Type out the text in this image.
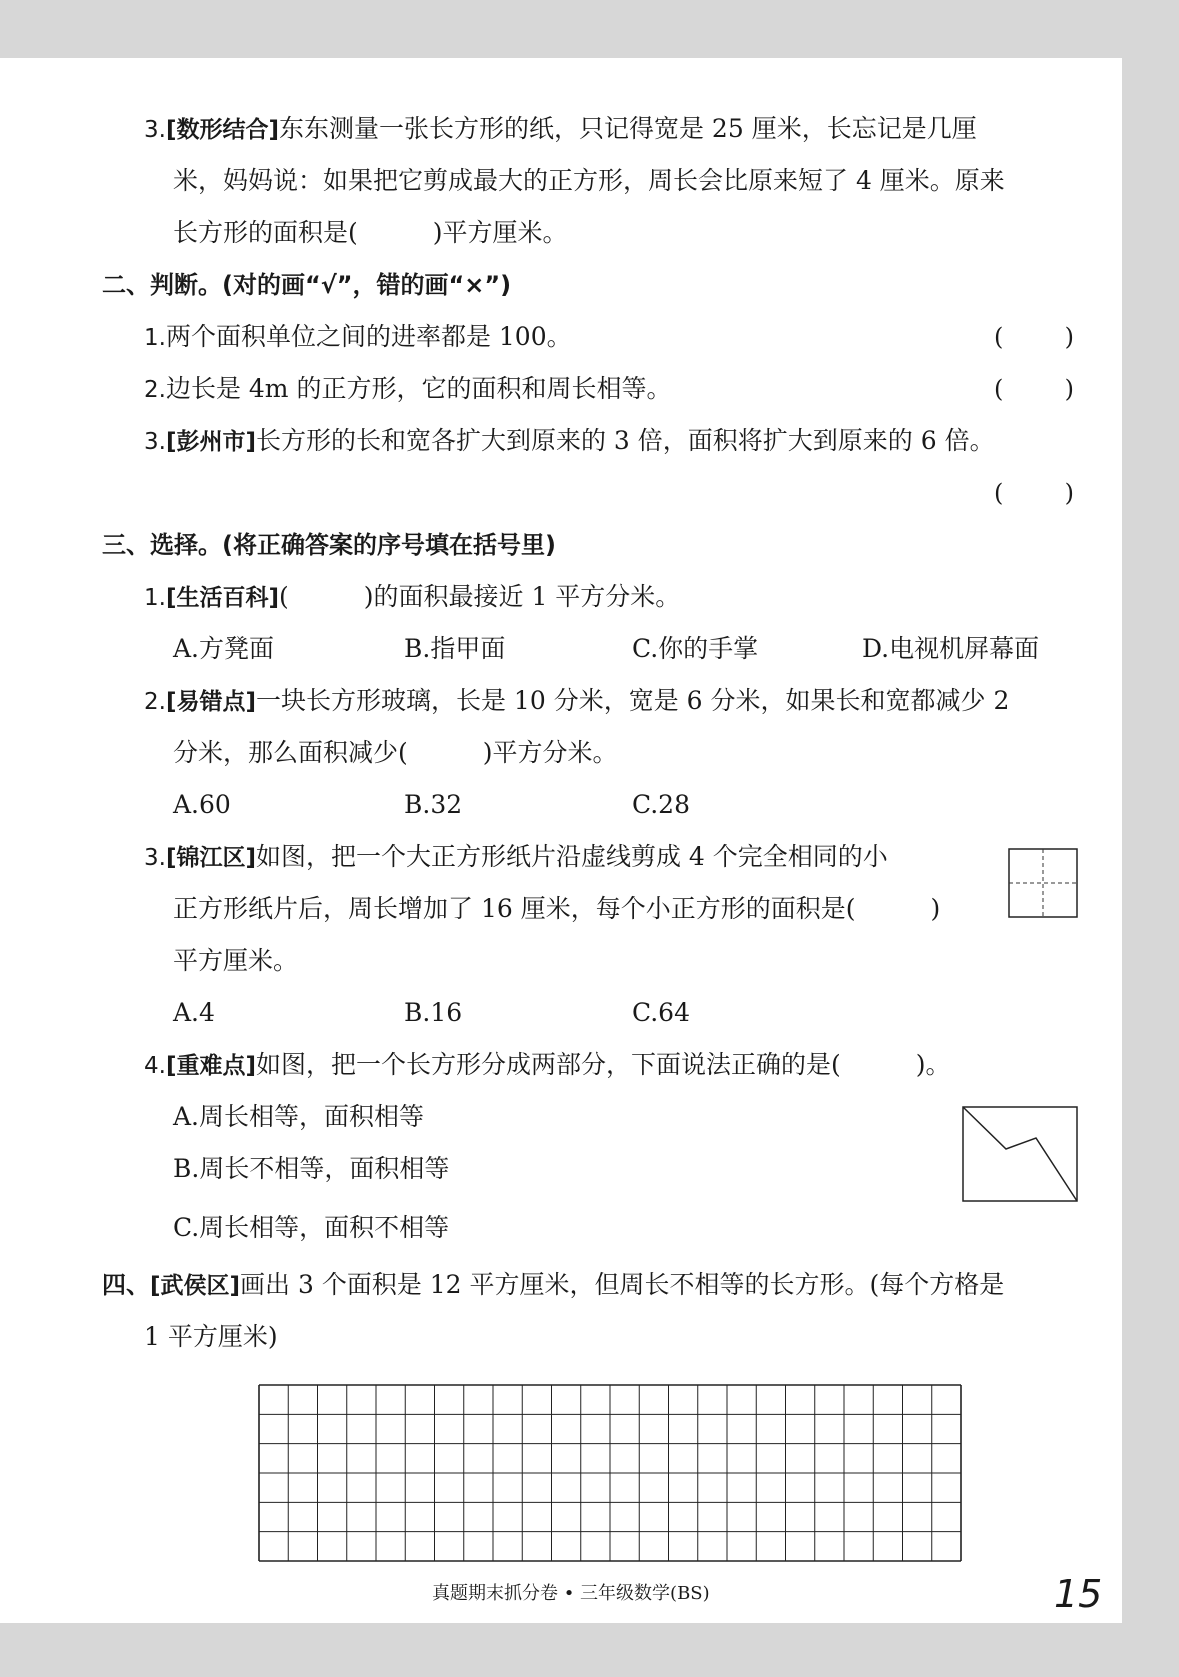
3.[数形结合]东东测量一张长方形的纸，只记得宽是 25 厘米，长忘记是几厘
米，妈妈说：如果把它剪成最大的正方形，周长会比原来短了 4 厘米。原来
长方形的面积是(　　　)平方厘米。
二、判断。(对的画“√”，错的画“×”)
1.两个面积单位之间的进率都是 100。	(	)
2.边长是 4m 的正方形，它的面积和周长相等。	(	)
3.[彭州市]长方形的长和宽各扩大到原来的 3 倍，面积将扩大到原来的 6 倍。
(	)
三、选择。(将正确答案的序号填在括号里)
1.[生活百科](　　　)的面积最接近 1 平方分米。
A.方凳面	B.指甲面	C.你的手掌	D.电视机屏幕面
2.[易错点]一块长方形玻璃，长是 10 分米，宽是 6 分米，如果长和宽都减少 2
分米，那么面积减少(　　　)平方分米。
A.60	B.32	C.28
3.[锦江区]如图，把一个大正方形纸片沿虚线剪成 4 个完全相同的小
正方形纸片后，周长增加了 16 厘米，每个小正方形的面积是(　　　)
平方厘米。
A.4	B.16	C.64
4.[重难点]如图，把一个长方形分成两部分，下面说法正确的是(　　　)。
A.周长相等，面积相等
B.周长不相等，面积相等
C.周长相等，面积不相等
四、[武侯区]画出 3 个面积是 12 平方厘米，但周长不相等的长方形。(每个方格是
1 平方厘米)
真题期末抓分卷 • 三年级数学(BS)	15
